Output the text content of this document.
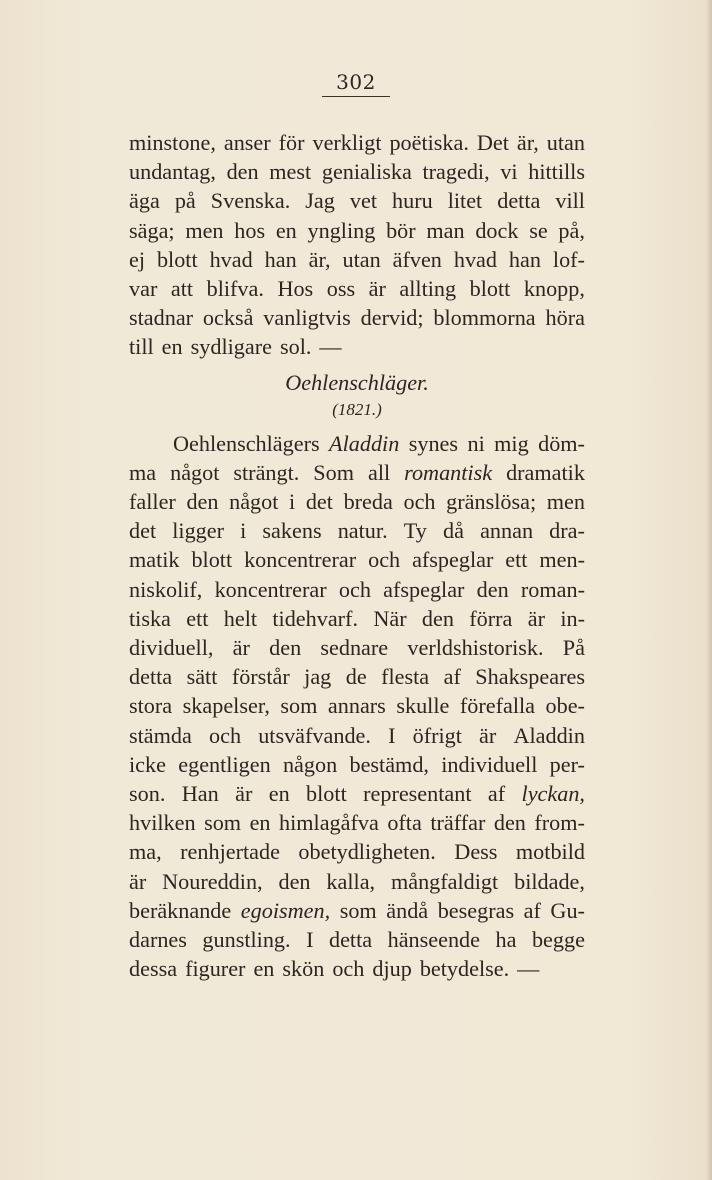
302
minstone, anser för verkligt poëtiska. Det är, utan
undantag, den mest genialiska tragedi, vi hittills
äga på Svenska. Jag vet huru litet detta vill
säga; men hos en yngling bör man dock se på,
ej blott hvad han är, utan äfven hvad han lof-
var att blifva. Hos oss är allting blott knopp,
stadnar också vanligtvis dervid; blommorna höra
till en sydligare sol. —
Oehlenschläger.
(1821.)
Oehlenschlägers Aladdin synes ni mig döm-
ma något strängt. Som all romantisk dramatik
faller den något i det breda och gränslösa; men
det ligger i sakens natur. Ty då annan dra-
matik blott koncentrerar och afspeglar ett men-
niskolif, koncentrerar och afspeglar den roman-
tiska ett helt tidehvarf. När den förra är in-
dividuell, är den sednare verldshistorisk. På
detta sätt förstår jag de flesta af Shakspeares
stora skapelser, som annars skulle förefalla obe-
stämda och utsväfvande. I öfrigt är Aladdin
icke egentligen någon bestämd, individuell per-
son. Han är en blott representant af lyckan,
hvilken som en himlagåfva ofta träffar den from-
ma, renhjertade obetydligheten. Dess motbild
är Noureddin, den kalla, mångfaldigt bildade,
beräknande egoismen, som ändå besegras af Gu-
darnes gunstling. I detta hänseende ha begge
dessa figurer en skön och djup betydelse. —
